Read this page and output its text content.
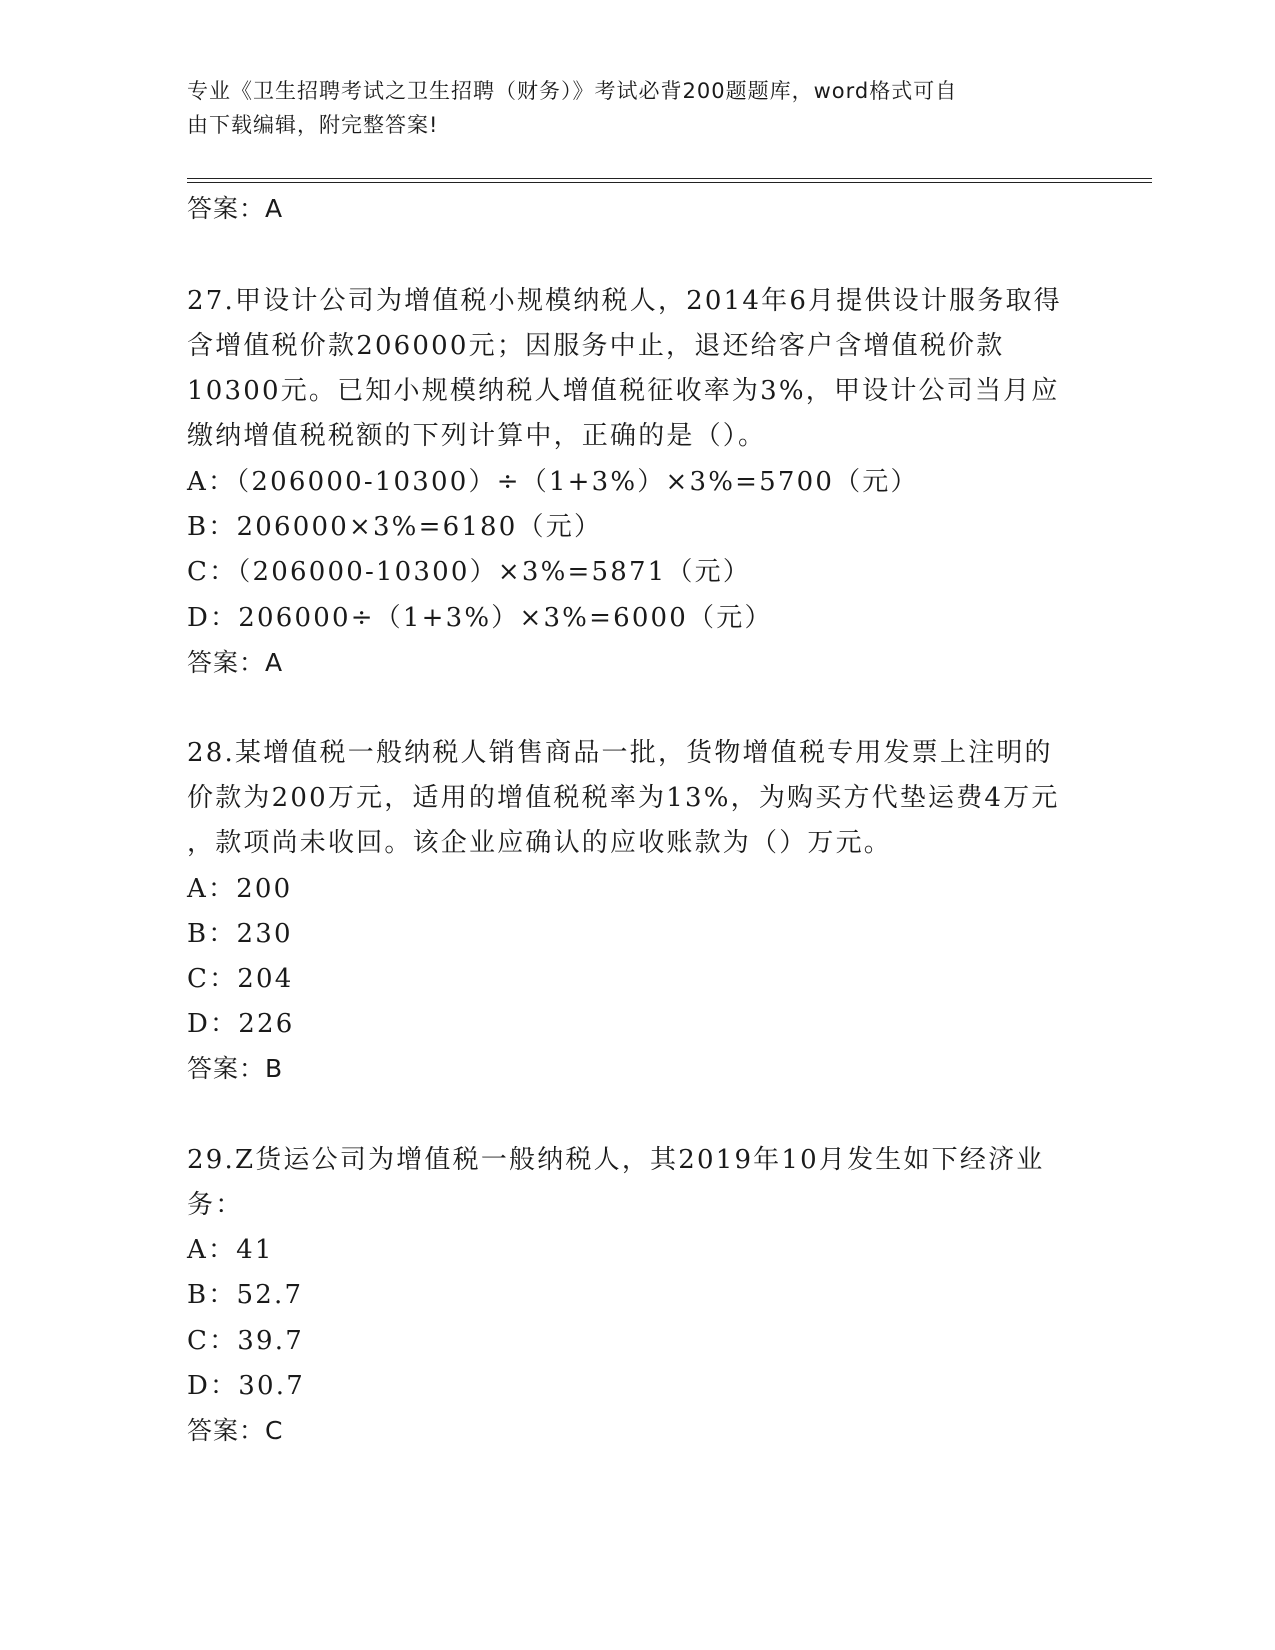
专业《卫生招聘考试之卫生招聘（财务）》考试必背200题题库，word格式可自
由下载编辑，附完整答案!
答案：A
27.甲设计公司为增值税小规模纳税人，2014年6月提供设计服务取得
含增值税价款206000元；因服务中止，退还给客户含增值税价款
10300元。已知小规模纳税人增值税征收率为3%，甲设计公司当月应
缴纳增值税税额的下列计算中，正确的是（）。
A：（206000-10300）÷（1+3%）×3%=5700（元）
B：206000×3%=6180（元）
C：（206000-10300）×3%=5871（元）
D：206000÷（1+3%）×3%=6000（元）
答案：A
28.某增值税一般纳税人销售商品一批，货物增值税专用发票上注明的
价款为200万元，适用的增值税税率为13%，为购买方代垫运费4万元
，款项尚未收回。该企业应确认的应收账款为（）万元。
A：200
B：230
C：204
D：226
答案：B
29.Z货运公司为增值税一般纳税人，其2019年10月发生如下经济业
务：
A：41
B：52.7
C：39.7
D：30.7
答案：C
